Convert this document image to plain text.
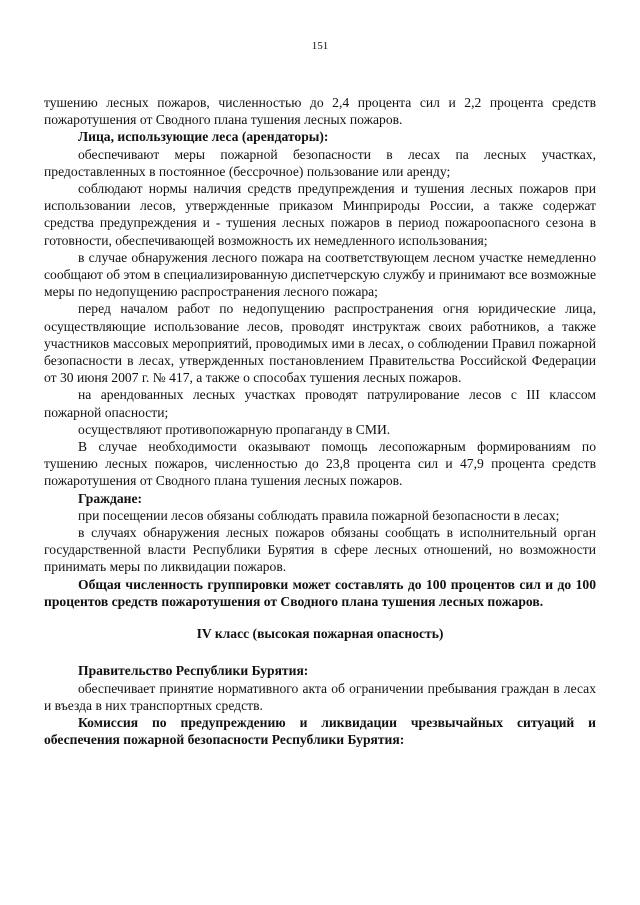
151

тушению лесных пожаров, численностью до 2,4 процента сил и 2,2 процента средств пожаротушения от Сводного плана тушения лесных пожаров.

Лица, использующие леса (арендаторы):

обеспечивают меры пожарной безопасности в лесах па лесных участках, предоставленных в постоянное (бессрочное) пользование или аренду;

соблюдают нормы наличия средств предупреждения и тушения лесных пожаров при использовании лесов, утвержденные приказом Минприроды России, а также содержат средства предупреждения и - тушения лесных пожаров в период пожароопасного сезона в готовности, обеспечивающей возможность их немедленного использования;

в случае обнаружения лесного пожара на соответствующем лесном участке немедленно сообщают об этом в специализированную диспетчерскую службу и принимают все возможные меры по недопущению распространения лесного пожара;

перед началом работ по недопущению распространения огня юридические лица, осуществляющие использование лесов, проводят инструктаж своих работников, а также участников массовых мероприятий, проводимых ими в лесах, о соблюдении Правил пожарной безопасности в лесах, утвержденных постановлением Правительства Российской Федерации от 30 июня 2007 г. № 417, а также о способах тушения лесных пожаров.

на арендованных лесных участках проводят патрулирование лесов с III классом пожарной опасности;

осуществляют противопожарную пропаганду в СМИ.

В случае необходимости оказывают помощь лесопожарным формированиям по тушению лесных пожаров, численностью до 23,8 процента сил и 47,9 процента средств пожаротушения от Сводного плана тушения лесных пожаров.

Граждане:

при посещении лесов обязаны соблюдать правила пожарной безопасности в лесах;

в случаях обнаружения лесных пожаров обязаны сообщать в исполнительный орган государственной власти Республики Бурятия в сфере лесных отношений, но возможности принимать меры по ликвидации пожаров.

Общая численность группировки может составлять до 100 процентов сил и до 100 процентов средств пожаротушения от Сводного плана тушения лесных пожаров.

IV класс (высокая пожарная опасность)

Правительство Республики Бурятия:

обеспечивает принятие нормативного акта об ограничении пребывания граждан в лесах и въезда в них транспортных средств.

Комиссия по предупреждению и ликвидации чрезвычайных ситуаций и обеспечения пожарной безопасности Республики Бурятия:
